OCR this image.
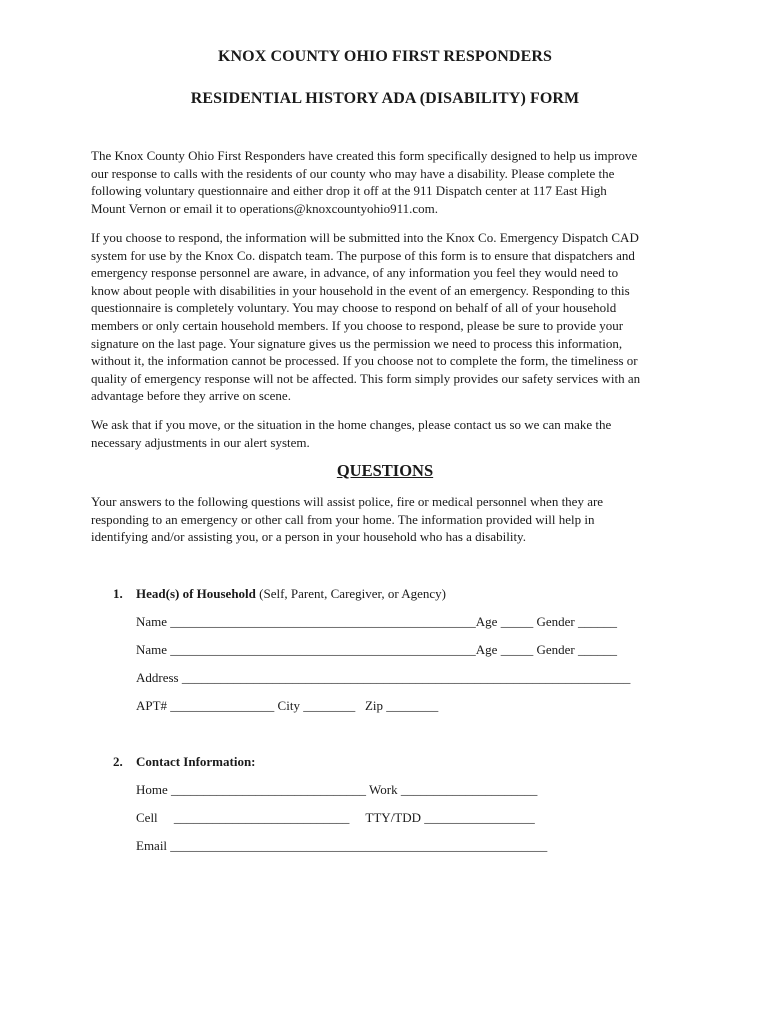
KNOX COUNTY OHIO FIRST RESPONDERS
RESIDENTIAL HISTORY ADA (DISABILITY) FORM
The Knox County Ohio First Responders have created this form specifically designed to help us improve
our response to calls with the residents of our county who may have a disability. Please complete the
following voluntary questionnaire and either drop it off at the 911 Dispatch center at 117 East High
Mount Vernon or email it to operations@knoxcountyohio911.com.
If you choose to respond, the information will be submitted into the Knox Co. Emergency Dispatch CAD
system for use by the Knox Co. dispatch team. The purpose of this form is to ensure that dispatchers and
emergency response personnel are aware, in advance, of any information you feel they would need to
know about people with disabilities in your household in the event of an emergency. Responding to this
questionnaire is completely voluntary. You may choose to respond on behalf of all of your household
members or only certain household members. If you choose to respond, please be sure to provide your
signature on the last page. Your signature gives us the permission we need to process this information,
without it, the information cannot be processed. If you choose not to complete the form, the timeliness or
quality of emergency response will not be affected. This form simply provides our safety services with an
advantage before they arrive on scene.
We ask that if you move, or the situation in the home changes, please contact us so we can make the
necessary adjustments in our alert system.
QUESTIONS
Your answers to the following questions will assist police, fire or medical personnel when they are
responding to an emergency or other call from your home. The information provided will help in
identifying and/or assisting you, or a person in your household who has a disability.
1. Head(s) of Household (Self, Parent, Caregiver, or Agency)
Name _______________________________________________Age _____ Gender ______
Name _______________________________________________Age _____ Gender ______
Address _____________________________________________________________________
APT# ________________ City ________   Zip ________
2. Contact Information:
Home ______________________________ Work _____________________
Cell     ___________________________     TTY/TDD _________________
Email __________________________________________________________
